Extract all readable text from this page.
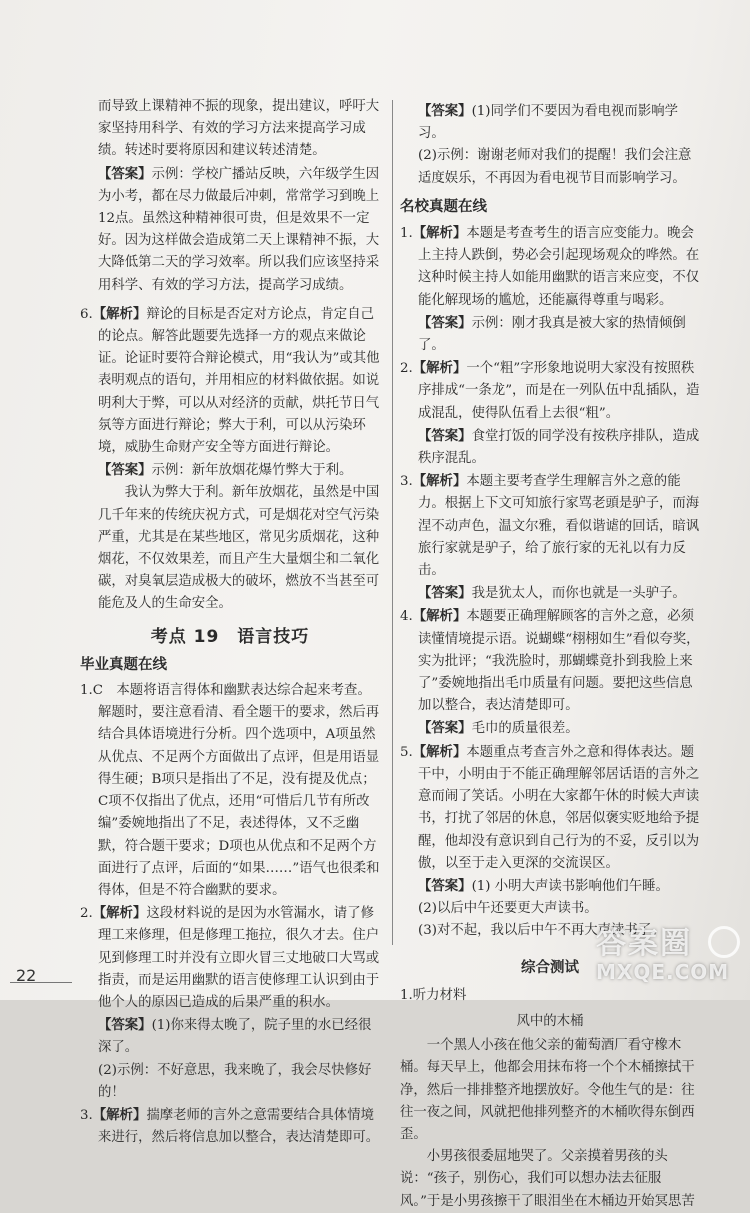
而导致上课精神不振的现象，提出建议，呼吁大家坚持用科学、有效的学习方法来提高学习成绩。转述时要将原因和建议转述清楚。

【答案】示例：学校广播站反映，六年级学生因为小考，都在尽力做最后冲刺，常常学习到晚上12点。虽然这种精神很可贵，但是效果不一定好。因为这样做会造成第二天上课精神不振，大大降低第二天的学习效率。所以我们应该坚持采用科学、有效的学习方法，提高学习成绩。

6.【解析】辩论的目标是否定对方论点，肯定自己的论点。解答此题要先选择一方的观点来做论证。论证时要符合辩论模式，用“我认为”或其他表明观点的语句，并用相应的材料做依据。如说明利大于弊，可以从对经济的贡献，烘托节日气氛等方面进行辩论；弊大于利，可以从污染环境，威胁生命财产安全等方面进行辩论。

【答案】示例：新年放烟花爆竹弊大于利。

我认为弊大于利。新年放烟花，虽然是中国几千年来的传统庆祝方式，可是烟花对空气污染严重，尤其是在某些地区，常见劣质烟花，这种烟花，不仅效果差，而且产生大量烟尘和二氧化碳，对臭氧层造成极大的破坏，燃放不当甚至可能危及人的生命安全。

考点 19　语言技巧
毕业真题在线

1.C　本题将语言得体和幽默表达综合起来考查。解题时，要注意看清、看全题干的要求，然后再结合具体语境进行分析。四个选项中，A项虽然从优点、不足两个方面做出了点评，但是用语显得生硬；B项只是指出了不足，没有提及优点；C项不仅指出了优点，还用“可惜后几节有所改编”委婉地指出了不足，表述得体，又不乏幽默，符合题干要求；D项也从优点和不足两个方面进行了点评，后面的“如果……”语气也很柔和得体，但是不符合幽默的要求。

2.【解析】这段材料说的是因为水管漏水，请了修理工来修理，但是修理工拖拉，很久才去。住户见到修理工时并没有立即火冒三丈地破口大骂或指责，而是运用幽默的语言使修理工认识到由于他个人的原因已造成的后果严重的积水。

【答案】(1)你来得太晚了，院子里的水已经很深了。

(2)示例：不好意思，我来晚了，我会尽快修好的！

3.【解析】揣摩老师的言外之意需要结合具体情境来进行，然后将信息加以整合，表达清楚即可。

【答案】(1)同学们不要因为看电视而影响学习。

(2)示例：谢谢老师对我们的提醒！我们会注意适度娱乐，不再因为看电视节目而影响学习。

名校真题在线

1.【解析】本题是考查考生的语言应变能力。晚会上主持人跌倒，势必会引起现场观众的哗然。在这种时候主持人如能用幽默的语言来应变，不仅能化解现场的尴尬，还能赢得尊重与喝彩。

【答案】示例：刚才我真是被大家的热情倾倒了。

2.【解析】一个“粗”字形象地说明大家没有按照秩序排成“一条龙”，而是在一列队伍中乱插队，造成混乱，使得队伍看上去很“粗”。

【答案】食堂打饭的同学没有按秩序排队，造成秩序混乱。

3.【解析】本题主要考查学生理解言外之意的能力。根据上下文可知旅行家骂老頭是驴子，而海涅不动声色，温文尔雅，看似谐谑的回话，暗讽旅行家就是驴子，给了旅行家的无礼以有力反击。

【答案】我是犹太人，而你也就是一头驴子。

4.【解析】本题要正确理解顾客的言外之意，必须读懂情境提示语。说蝴蝶“栩栩如生”看似夸奖，实为批评；“我洗脸时，那蝴蝶竟扑到我脸上来了”委婉地指出毛巾质量有问题。要把这些信息加以整合，表达清楚即可。

【答案】毛巾的质量很差。

5.【解析】本题重点考查言外之意和得体表达。题干中，小明由于不能正确理解邻居话语的言外之意而闹了笑话。小明在大家都午休的时候大声读书，打扰了邻居的休息，邻居似褒实贬地给予提醒，他却没有意识到自己行为的不妥，反引以为傲，以至于走入更深的交流误区。

【答案】(1) 小明大声读书影响他们午睡。

(2)以后中午还要更大声读书。

(3)对不起，我以后中午不再大声读书了。

综合测试

1.听力材料

风中的木桶

一个黑人小孩在他父亲的葡萄酒厂看守橡木桶。每天早上，他都会用抹布将一个个木桶擦拭干净，然后一排排整齐地摆放好。令他生气的是：往往一夜之间，风就把他排列整齐的木桶吹得东倒西歪。

小男孩很委屈地哭了。父亲摸着男孩的头说：“孩子，别伤心，我们可以想办法去征服风。”于是小男孩擦干了眼泪坐在木桶边开始冥思苦

22
答案圈
MXQE.COM
